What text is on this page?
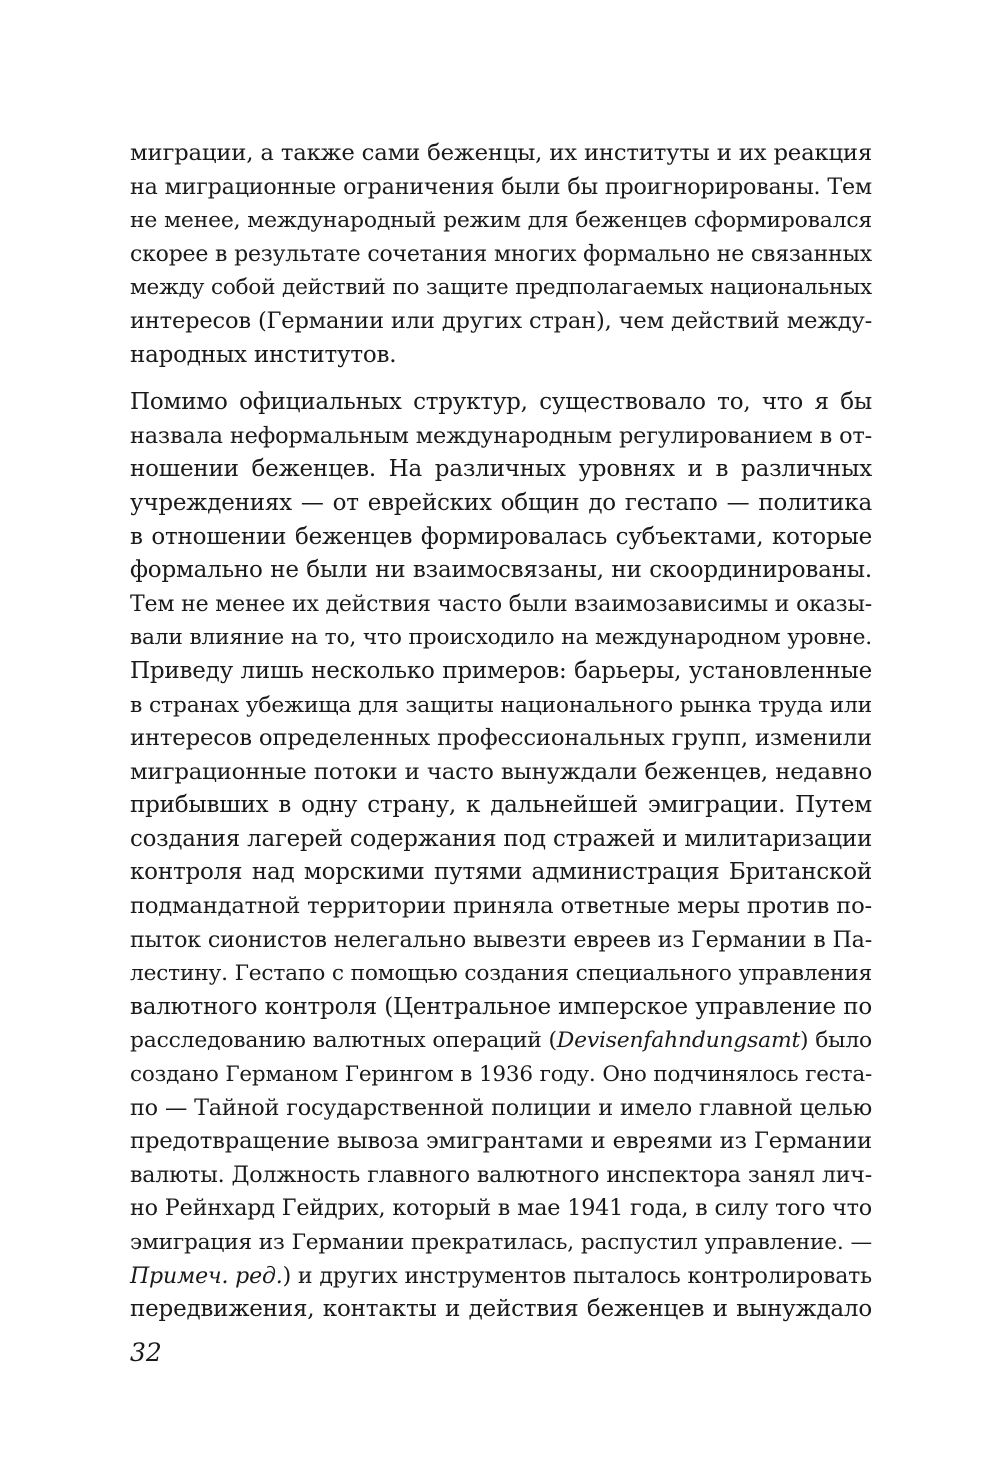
миграции, а также сами беженцы, их институты и их реакция
на миграционные ограничения были бы проигнорированы. Тем
не менее, международный режим для беженцев сформировался
скорее в результате сочетания многих формально не связанных
между собой действий по защите предполагаемых национальных
интересов (Германии или других стран), чем действий между-
народных институтов.

Помимо официальных структур, существовало то, что я бы
назвала неформальным международным регулированием в от-
ношении беженцев. На различных уровнях и в различных
учреждениях — от еврейских общин до гестапо — политика
в отношении беженцев формировалась субъектами, которые
формально не были ни взаимосвязаны, ни скоординированы.
Тем не менее их действия часто были взаимозависимы и оказы-
вали влияние на то, что происходило на международном уровне.
Приведу лишь несколько примеров: барьеры, установленные
в странах убежища для защиты национального рынка труда или
интересов определенных профессиональных групп, изменили
миграционные потоки и часто вынуждали беженцев, недавно
прибывших в одну страну, к дальнейшей эмиграции. Путем
создания лагерей содержания под стражей и милитаризации
контроля над морскими путями администрация Британской
подмандатной территории приняла ответные меры против по-
пыток сионистов нелегально вывезти евреев из Германии в Па-
лестину. Гестапо с помощью создания специального управления
валютного контроля (Центральное имперское управление по
расследованию валютных операций (Devisenfahndungsamt) было
создано Германом Герингом в 1936 году. Оно подчинялось геста-
по — Тайной государственной полиции и имело главной целью
предотвращение вывоза эмигрантами и евреями из Германии
валюты. Должность главного валютного инспектора занял лич-
но Рейнхард Гейдрих, который в мае 1941 года, в силу того что
эмиграция из Германии прекратилась, распустил управление. —
Примеч. ред.) и других инструментов пыталось контролировать
передвижения, контакты и действия беженцев и вынуждало

32
